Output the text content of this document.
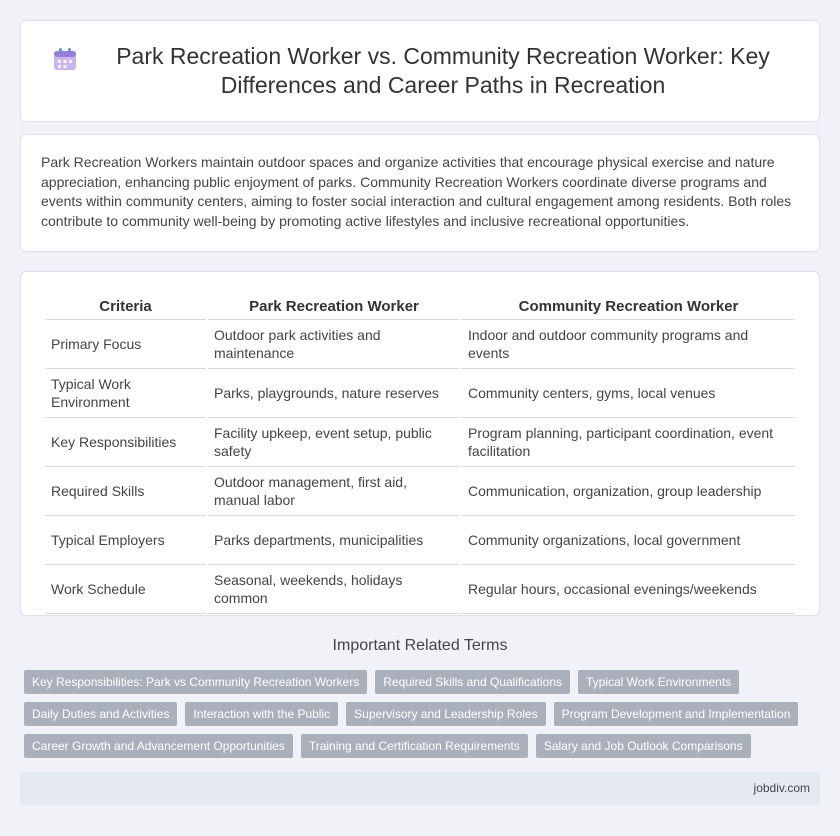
Park Recreation Worker vs. Community Recreation Worker: Key Differences and Career Paths in Recreation

Park Recreation Workers maintain outdoor spaces and organize activities that encourage physical exercise and nature appreciation, enhancing public enjoyment of parks. Community Recreation Workers coordinate diverse programs and events within community centers, aiming to foster social interaction and cultural engagement among residents. Both roles contribute to community well-being by promoting active lifestyles and inclusive recreational opportunities.

Criteria	Park Recreation Worker	Community Recreation Worker
Primary Focus	Outdoor park activities and maintenance	Indoor and outdoor community programs and events
Typical Work Environment	Parks, playgrounds, nature reserves	Community centers, gyms, local venues
Key Responsibilities	Facility upkeep, event setup, public safety	Program planning, participant coordination, event facilitation
Required Skills	Outdoor management, first aid, manual labor	Communication, organization, group leadership
Typical Employers	Parks departments, municipalities	Community organizations, local government
Work Schedule	Seasonal, weekends, holidays common	Regular hours, occasional evenings/weekends
Important Related Terms
Key Responsibilities: Park vs Community Recreation Workers	Required Skills and Qualifications	Typical Work Environments
Daily Duties and Activities	Interaction with the Public	Supervisory and Leadership Roles	Program Development and Implementation
Career Growth and Advancement Opportunities	Training and Certification Requirements	Salary and Job Outlook Comparisons
jobdiv.com
